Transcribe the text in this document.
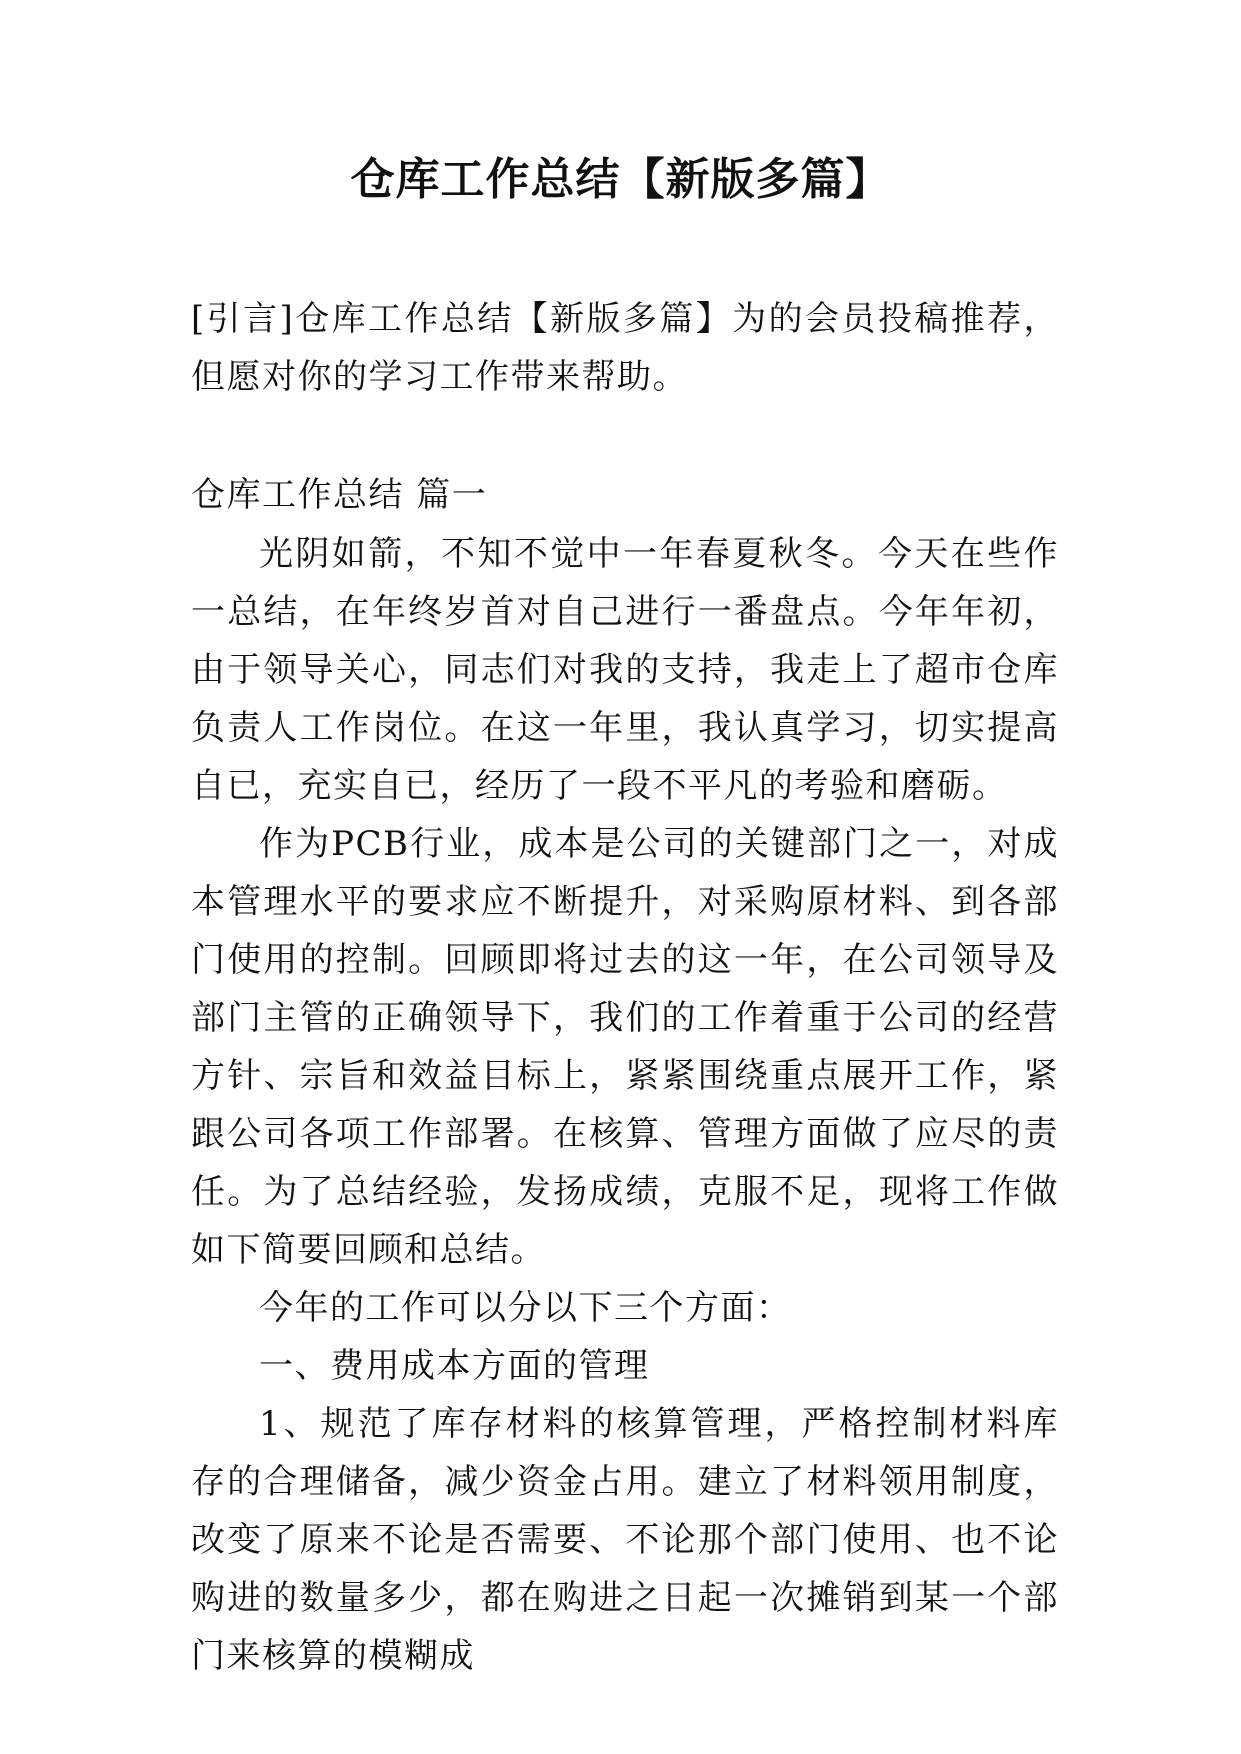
仓库工作总结【新版多篇】

[引言]仓库工作总结【新版多篇】为的会员投稿推荐，但愿对你的学习工作带来帮助。

仓库工作总结 篇一

光阴如箭，不知不觉中一年春夏秋冬。今天在些作一总结，在年终岁首对自己进行一番盘点。今年年初，由于领导关心，同志们对我的支持，我走上了超市仓库负责人工作岗位。在这一年里，我认真学习，切实提高自已，充实自已，经历了一段不平凡的考验和磨砺。

作为PCB行业，成本是公司的关键部门之一，对成本管理水平的要求应不断提升，对采购原材料、到各部门使用的控制。回顾即将过去的这一年，在公司领导及部门主管的正确领导下，我们的工作着重于公司的经营方针、宗旨和效益目标上，紧紧围绕重点展开工作，紧跟公司各项工作部署。在核算、管理方面做了应尽的责任。为了总结经验，发扬成绩，克服不足，现将工作做如下简要回顾和总结。

今年的工作可以分以下三个方面：

一、费用成本方面的管理

1、规范了库存材料的核算管理，严格控制材料库存的合理储备，减少资金占用。建立了材料领用制度，改变了原来不论是否需要、不论那个部门使用、也不论购进的数量多少，都在购进之日起一次摊销到某一个部门来核算的模糊成
